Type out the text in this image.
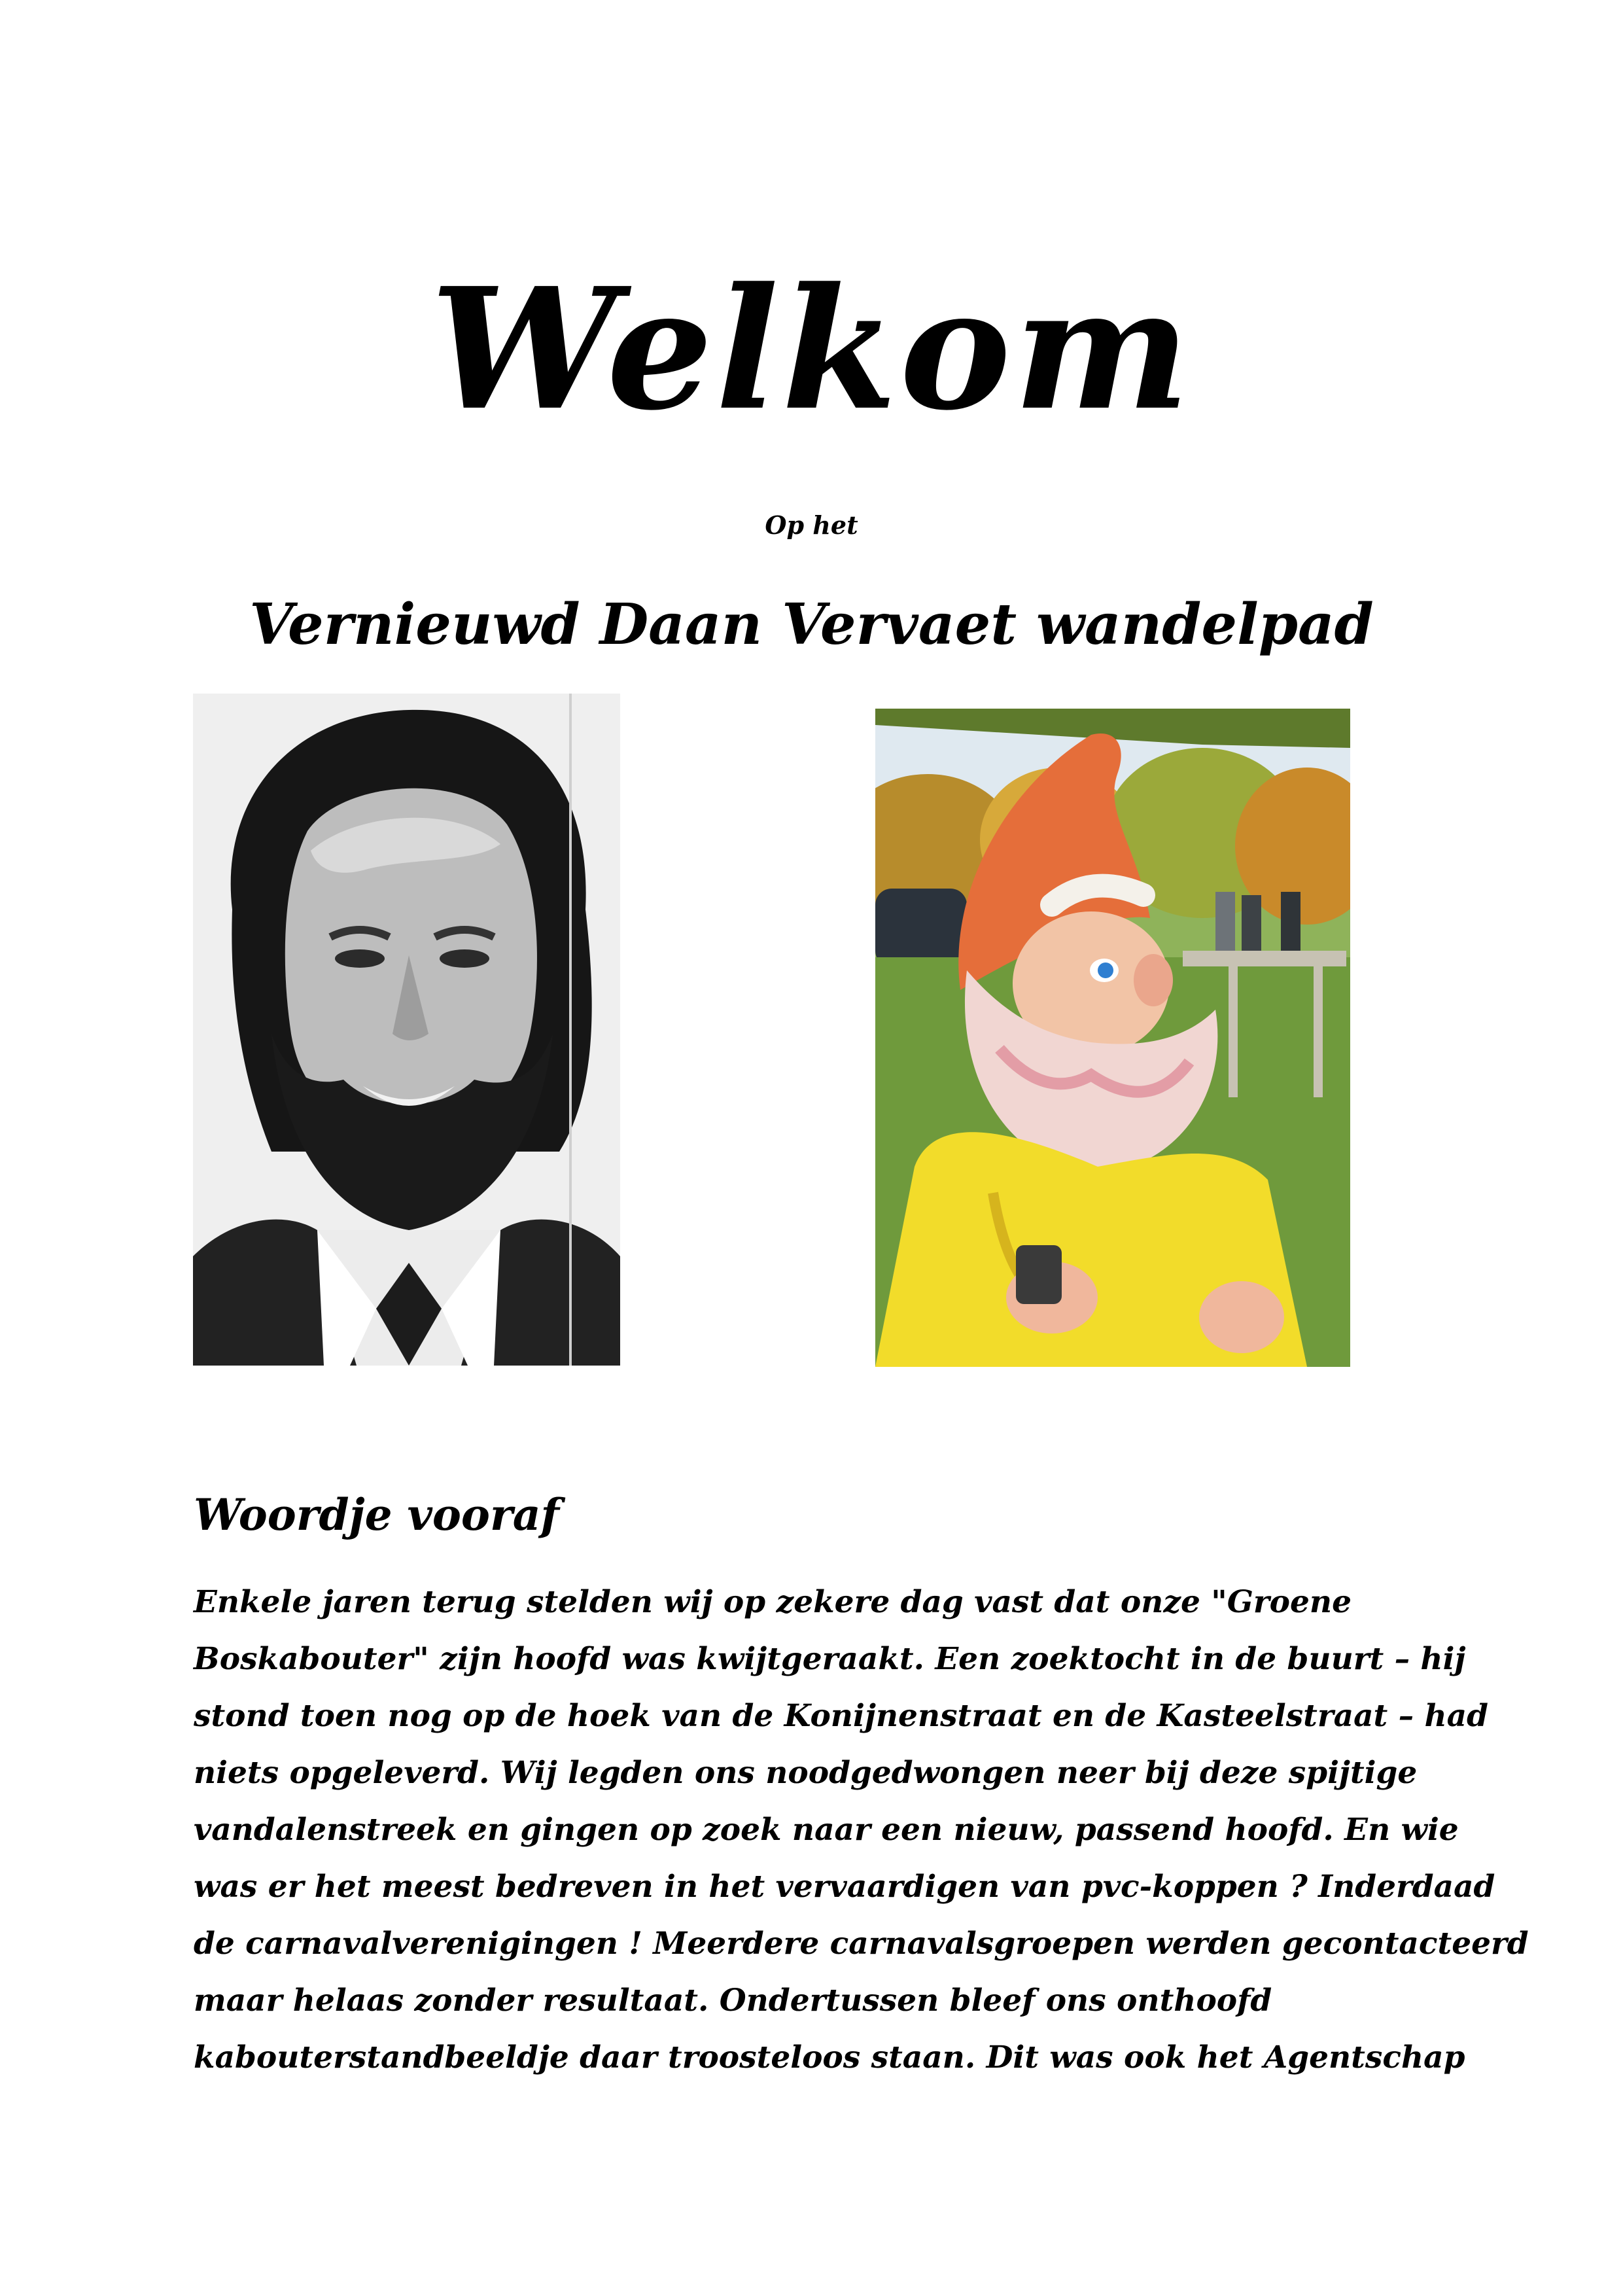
Welkom
Op het
Vernieuwd Daan Vervaet wandelpad
Woordje vooraf
Enkele jaren terug stelden wij op zekere dag vast dat onze "Groene
Boskabouter" zijn hoofd was kwijtgeraakt. Een zoektocht in de buurt – hij
stond toen nog op de hoek van de Konijnenstraat en de Kasteelstraat – had
niets opgeleverd. Wij legden ons noodgedwongen neer bij deze spijtige
vandalenstreek en gingen op zoek naar een nieuw, passend hoofd. En wie
was er het meest bedreven in het vervaardigen van pvc-koppen ? Inderdaad
de carnavalverenigingen ! Meerdere carnavalsgroepen werden gecontacteerd
maar helaas zonder resultaat. Ondertussen bleef ons onthoofd
kabouterstandbeeldje daar troosteloos staan. Dit was ook het Agentschap
